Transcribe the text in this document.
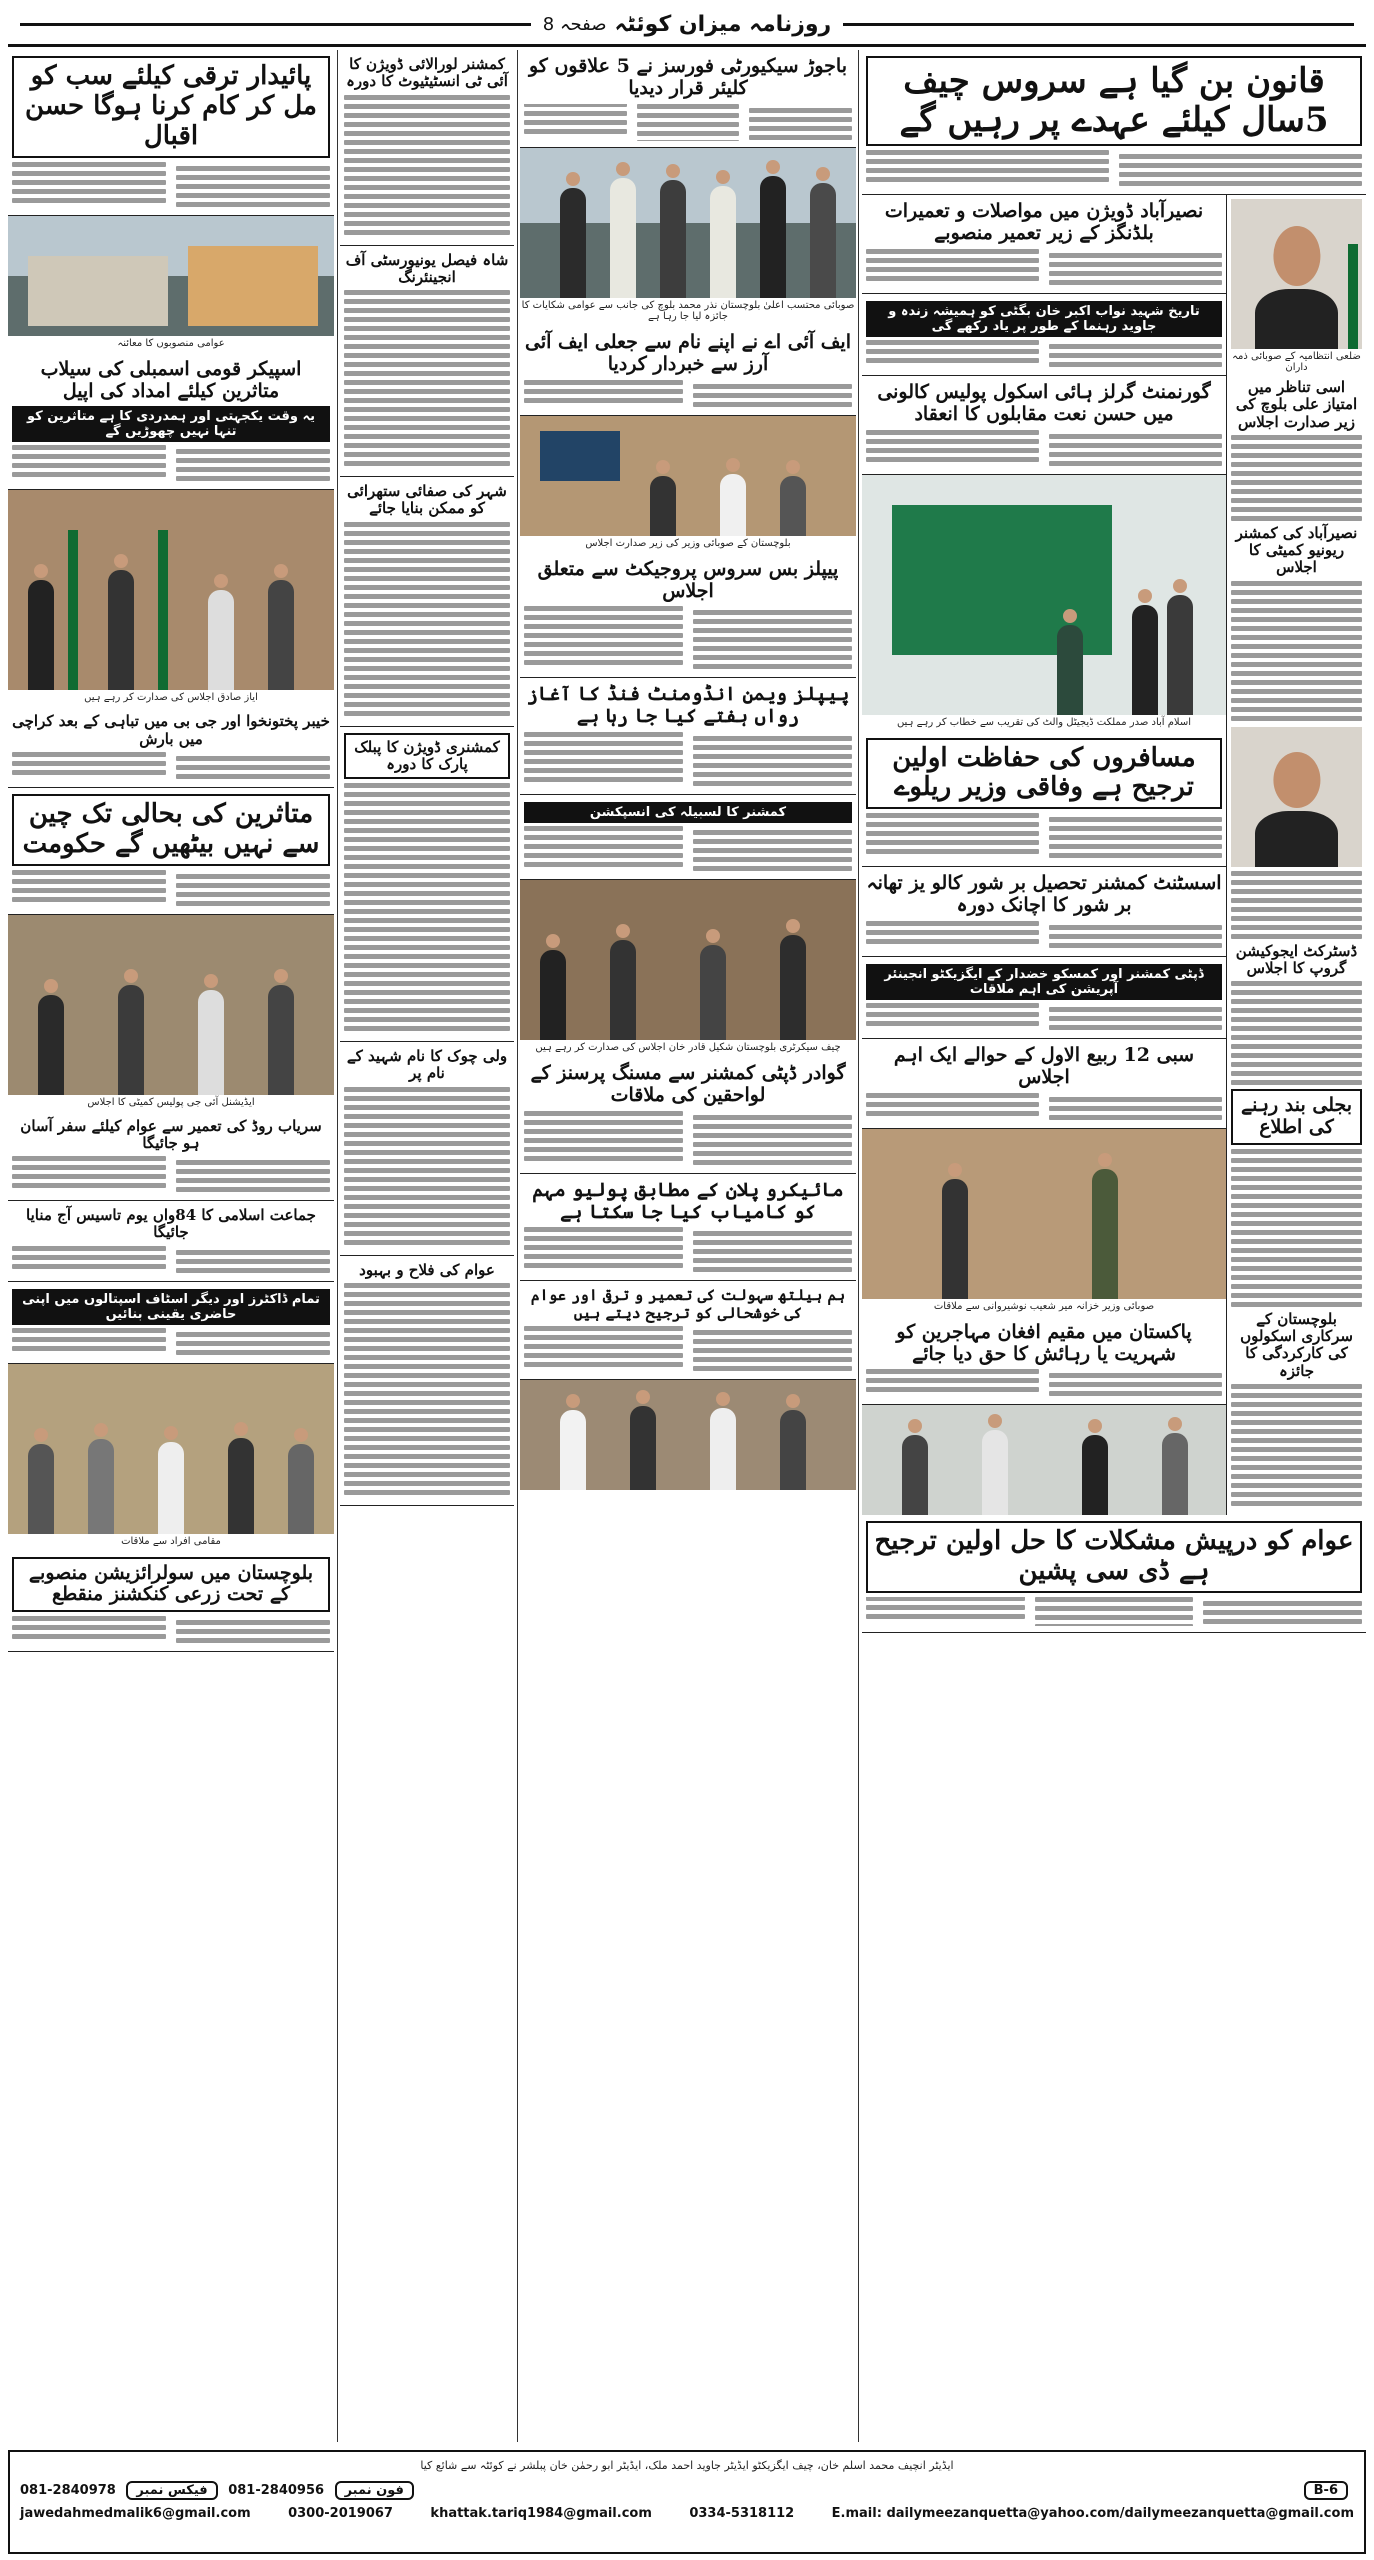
صفحہ 8 روزنامہ میزان کوئٹہ
قانون بن گیا ہے سروس چیف 5سال کیلئے عہدے پر رہیں گے
ضلعی انتظامیہ کے صوبائی ذمہ داران
اسی تناظر میں امتیاز علی بلوچ کی زیر صدارت اجلاس
نصیرآباد کی کمشنر ریونیو کمیٹی کا اجلاس
ڈسٹرکٹ ایجوکیشن گروپ کا اجلاس
بجلی بند رہنے کی اطلاع
بلوچستان کے سرکاری اسکولوں کی کارکردگی کا جائزہ
نصیرآباد ڈویژن میں مواصلات و تعمیرات بلڈنگز کے زیر تعمیر منصوبے
تاریخ شہید نواب اکبر خان بگٹی کو ہمیشہ زندہ و جاوید رہنما کے طور پر یاد رکھے گی
گورنمنٹ گرلز ہائی اسکول پولیس کالونی میں حسن نعت مقابلوں کا انعقاد
اسلام آباد صدر مملکت ڈیجیٹل والٹ کی تقریب سے خطاب کر رہے ہیں
مسافروں کی حفاظت اولین ترجیح ہے وفاقی وزیر ریلوے
اسسٹنٹ کمشنر تحصیل بر شور کالو یز تھانہ بر شور کا اچانک دورہ
ڈپٹی کمشنر اور کمسکو خضدار کے ایگزیکٹو انجینئر آپریشن کی اہم ملاقات
سبی 12 ربیع الاول کے حوالے ایک اہم اجلاس
صوبائی وزیر خزانہ میر شعیب نوشیروانی سے ملاقات
پاکستان میں مقیم افغان مہاجرین کو شہریت یا رہائش کا حق دیا جائے
عوام کو درپیش مشکلات کا حل اولین ترجیح ہے ڈی سی پشین
باجوڑ سیکیورٹی فورسز نے 5 علاقوں کو کلیئر قرار دیدیا
صوبائی محتسب اعلیٰ بلوچستان نذر محمد بلوچ کی جانب سے عوامی شکایات کا جائزہ لیا جا رہا ہے
ایف آئی اے نے اپنے نام سے جعلی ایف آئی آرز سے خبردار کردیا
بلوچستان کے صوبائی وزیر کی زیر صدارت اجلاس
پیپلز بس سروس پروجیکٹ سے متعلق اجلاس
پیپلز ویمن انڈومنٹ فنڈ کا آغاز رواں ہفتے کیا جا رہا ہے
کمشنر کا لسبیلہ کی انسپکشن
چیف سیکرٹری بلوچستان شکیل قادر خان اجلاس کی صدارت کر رہے ہیں
گوادر ڈپٹی کمشنر سے مسنگ پرسنز کے لواحقین کی ملاقات
مائیکرو پلان کے مطابق پولیو مہم کو کامیاب کیا جا سکتا ہے
ہم ہیلتھ سہولت کی تعمیر و ترقی اور عوام کی خوشحالی کو ترجیح دیتے ہیں
کمشنر لورالائی ڈویژن کا آئی ٹی انسٹیٹیوٹ کا دورہ
شاہ فیصل یونیورسٹی آف انجینئرنگ
شہر کی صفائی ستھرائی کو ممکن بنایا جائے
کمشنری ڈویژن کا پبلک پارک کا دورہ
ولی چوک کا نام شہید کے نام پر
عوام کی فلاح و بہبود
پائیدار ترقی کیلئے سب کو مل کر کام کرنا ہوگا حسن اقبال
عوامی منصوبوں کا معائنہ
اسپیکر قومی اسمبلی کی سیلاب متاثرین کیلئے امداد کی اپیل
یہ وقت یکجہتی اور ہمدردی کا ہے متاثرین کو تنہا نہیں چھوڑیں گے
ایاز صادق اجلاس کی صدارت کر رہے ہیں
خیبر پختونخوا اور جی بی میں تباہی کے بعد کراچی میں بارش
متاثرین کی بحالی تک چین سے نہیں بیٹھیں گے حکومت
ایڈیشنل آئی جی پولیس کمیٹی کا اجلاس
سریاب روڈ کی تعمیر سے عوام کیلئے سفر آسان ہو جائیگا
جماعت اسلامی کا 84واں یوم تاسیس آج منایا جائیگا
تمام ڈاکٹرز اور دیگر اسٹاف اسپتالوں میں اپنی حاضری یقینی بنائیں
مقامی افراد سے ملاقات
بلوچستان میں سولرائزیشن منصوبے کے تحت زرعی کنکشنز منقطع
ایڈیٹر انچیف محمد اسلم خان، چیف ایگزیکٹو ایڈیٹر جاوید احمد ملک، ایڈیٹر ابو رحمٰن خان پبلشر نے کوئٹہ سے شائع کیا
081-2840978 فیکس نمبر 081-2840956 فون نمبر	B-6
jawedahmedmalik6@gmail.com	0300-2019067	khattak.tariq1984@gmail.com	0334-5318112	E.mail: dailymeezanquetta@yahoo.com/dailymeezanquetta@gmail.com
